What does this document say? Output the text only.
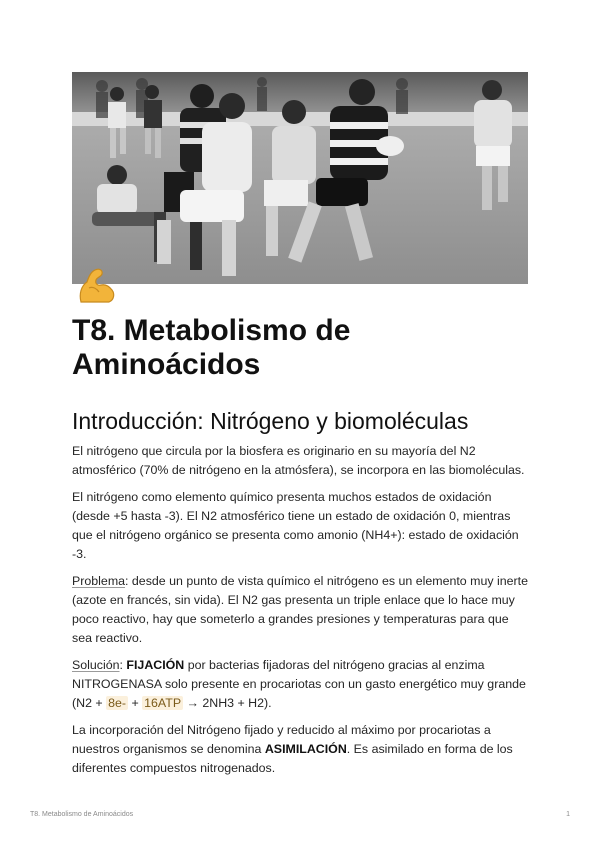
T8. Metabolismo de Aminoácidos
Introducción: Nitrógeno y biomoléculas

El nitrógeno que circula por la biosfera es originario en su mayoría del N2 atmosférico (70% de nitrógeno en la atmósfera), se incorpora en las biomoléculas.

El nitrógeno como elemento químico presenta muchos estados de oxidación (desde +5 hasta -3). El N2 atmosférico tiene un estado de oxidación 0, mientras que el nitrógeno orgánico se presenta como amonio (NH4+): estado de oxidación -3.

Problema: desde un punto de vista químico el nitrógeno es un elemento muy inerte (azote en francés, sin vida). El N2 gas presenta un triple enlace que lo hace muy poco reactivo, hay que someterlo a grandes presiones y temperaturas para que sea reactivo.

Solución: FIJACIÓN por bacterias fijadoras del nitrógeno gracias al enzima NITROGENASA solo presente en procariotas con un gasto energético muy grande (N2 + 8e- + 16ATP → 2NH3 + H2).

La incorporación del Nitrógeno fijado y reducido al máximo por procariotas a nuestros organismos se denomina ASIMILACIÓN. Es asimilado en forma de los diferentes compuestos nitrogenados.

T8. Metabolismo de Aminoácidos	1
